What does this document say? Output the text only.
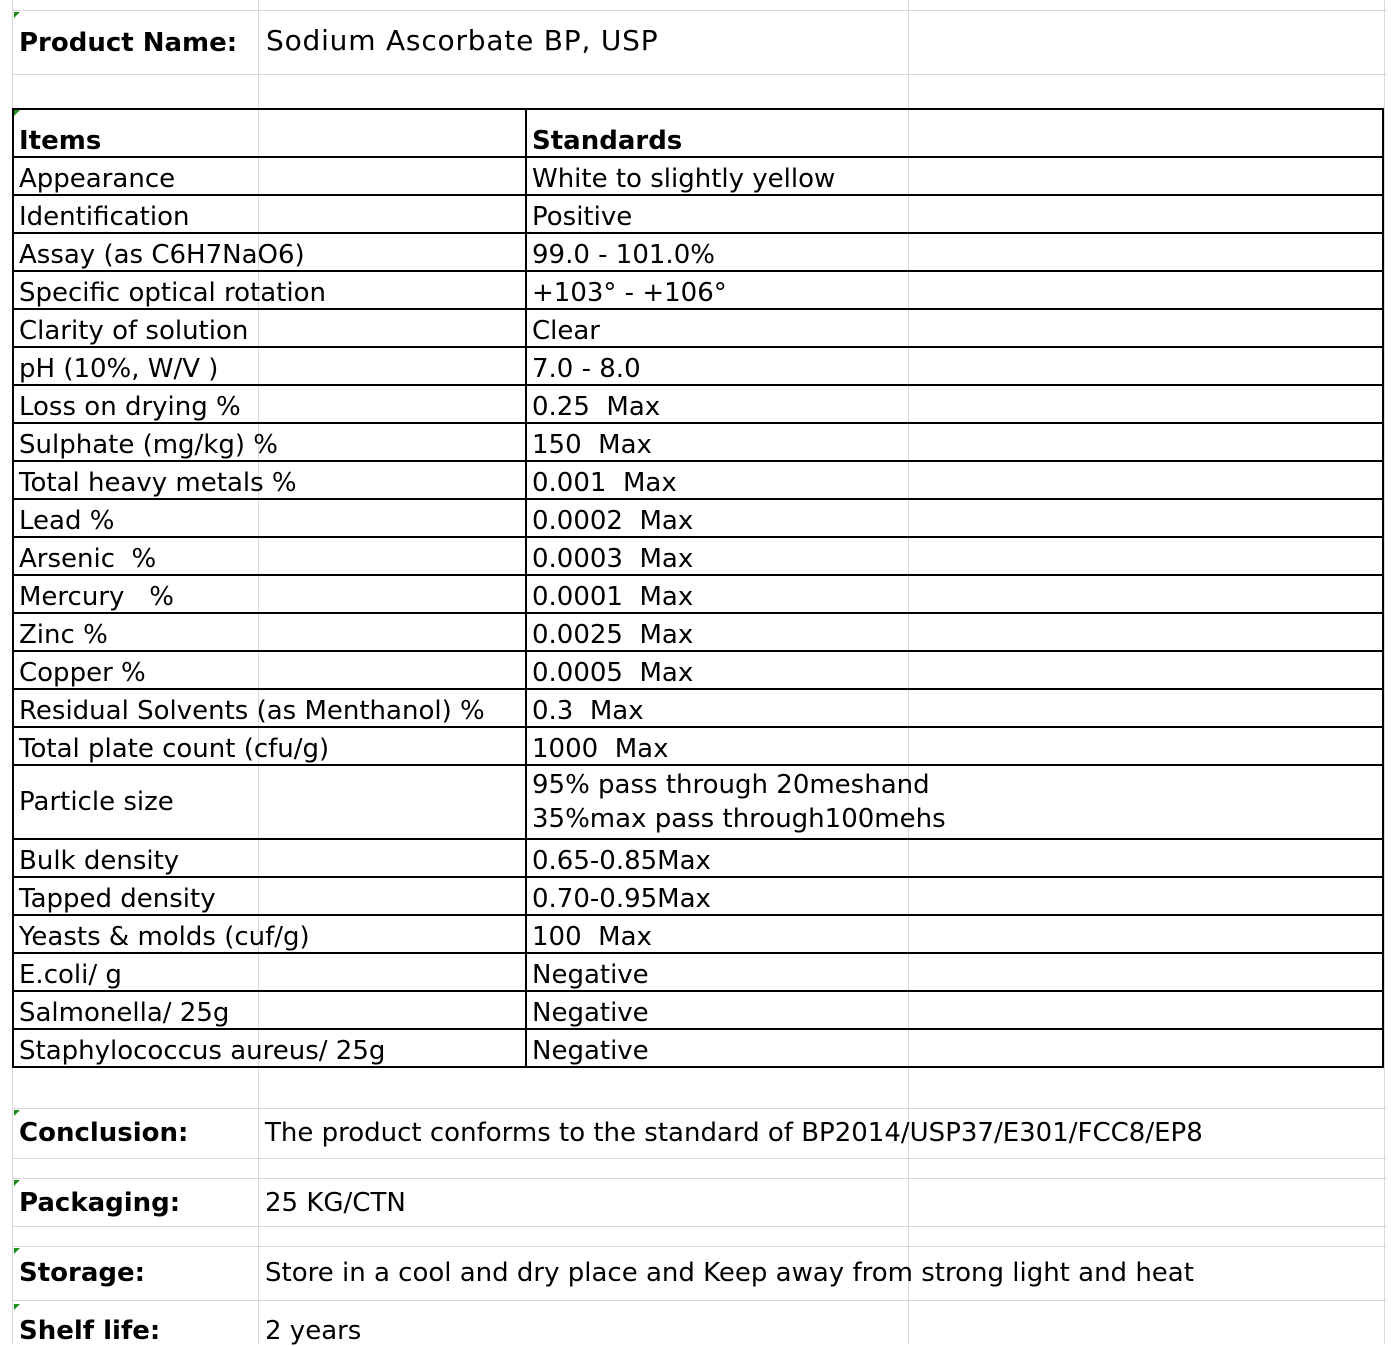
Product Name: Sodium Ascorbate BP, USP
Items	Standards
Appearance	White to slightly yellow
Identification	Positive
Assay (as C6H7NaO6)	99.0 - 101.0%
Specific optical rotation	+103° - +106°
Clarity of solution	Clear
pH (10%, W/V )	7.0 - 8.0
Loss on drying %	0.25  Max
Sulphate (mg/kg) %	150  Max
Total heavy metals %	0.001  Max
Lead %	0.0002  Max
Arsenic  %	0.0003  Max
Mercury   %	0.0001  Max
Zinc %	0.0025  Max
Copper %	0.0005  Max
Residual Solvents (as Menthanol) %	0.3  Max
Total plate count (cfu/g)	1000  Max
Particle size	95% pass through 20meshand
35%max pass through100mehs

Bulk density	0.65-0.85Max
Tapped density	0.70-0.95Max
Yeasts & molds (cuf/g)	100  Max
E.coli/ g	Negative
Salmonella/ 25g	Negative
Staphylococcus aureus/ 25g	Negative
Conclusion:	The product conforms to the standard of BP2014/USP37/E301/FCC8/EP8
Packaging:	25 KG/CTN
Storage:	Store in a cool and dry place and Keep away from strong light and heat
Shelf life:	2 years
